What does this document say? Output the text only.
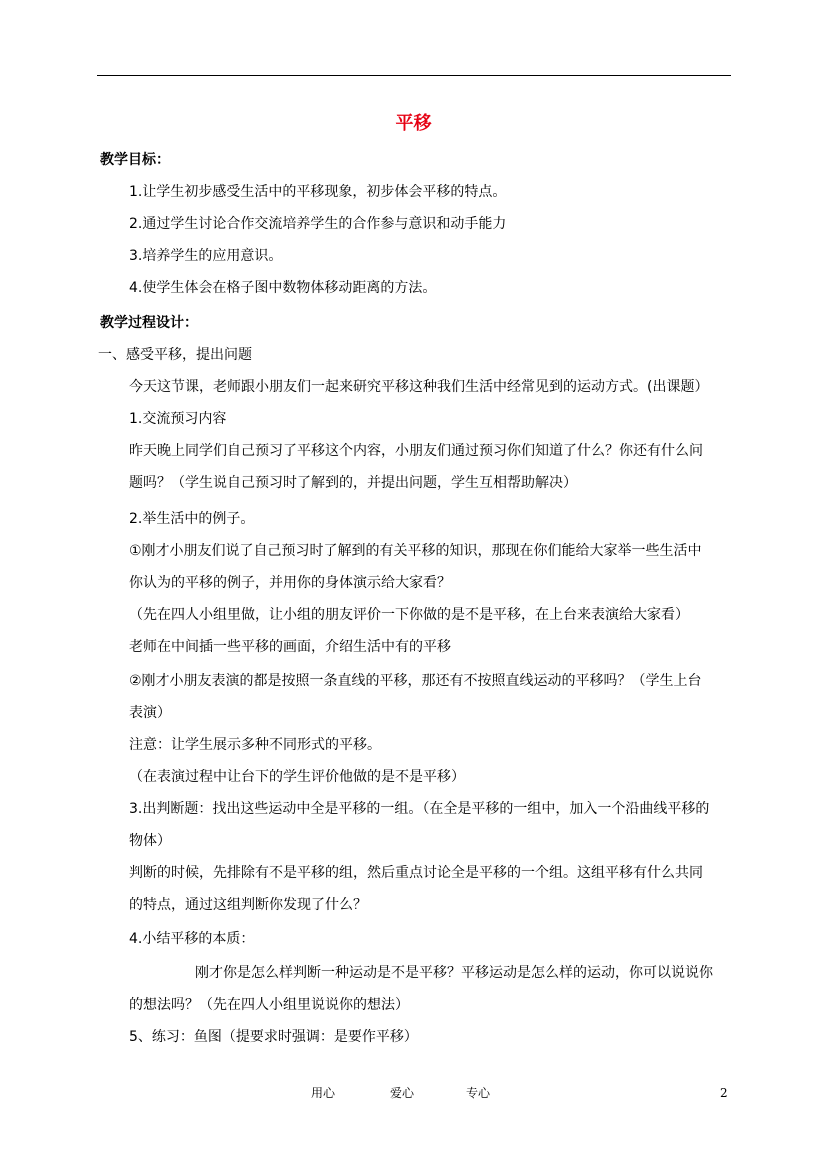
平移
教学目标：
1.让学生初步感受生活中的平移现象，初步体会平移的特点。
2.通过学生讨论合作交流培养学生的合作参与意识和动手能力
3.培养学生的应用意识。
4.使学生体会在格子图中数物体移动距离的方法。
教学过程设计：
一、感受平移，提出问题
今天这节课，老师跟小朋友们一起来研究平移这种我们生活中经常见到的运动方式。(出课题）
1.交流预习内容
昨天晚上同学们自己预习了平移这个内容，小朋友们通过预习你们知道了什么？你还有什么问
题吗？（学生说自己预习时了解到的，并提出问题，学生互相帮助解决）
2.举生活中的例子。
①刚才小朋友们说了自己预习时了解到的有关平移的知识，那现在你们能给大家举一些生活中
你认为的平移的例子，并用你的身体演示给大家看？
（先在四人小组里做，让小组的朋友评价一下你做的是不是平移，在上台来表演给大家看）
老师在中间插一些平移的画面，介绍生活中有的平移
②刚才小朋友表演的都是按照一条直线的平移，那还有不按照直线运动的平移吗？（学生上台
表演）
注意：让学生展示多种不同形式的平移。
（在表演过程中让台下的学生评价他做的是不是平移）
3.出判断题：找出这些运动中全是平移的一组。（在全是平移的一组中，加入一个沿曲线平移的
物体）
判断的时候，先排除有不是平移的组，然后重点讨论全是平移的一个组。这组平移有什么共同
的特点，通过这组判断你发现了什么？
4.小结平移的本质：
刚才你是怎么样判断一种运动是不是平移？平移运动是怎么样的运动，你可以说说你
的想法吗？（先在四人小组里说说你的想法）
5、练习：鱼图（提要求时强调：是要作平移）
用心	爱心	专心	2
